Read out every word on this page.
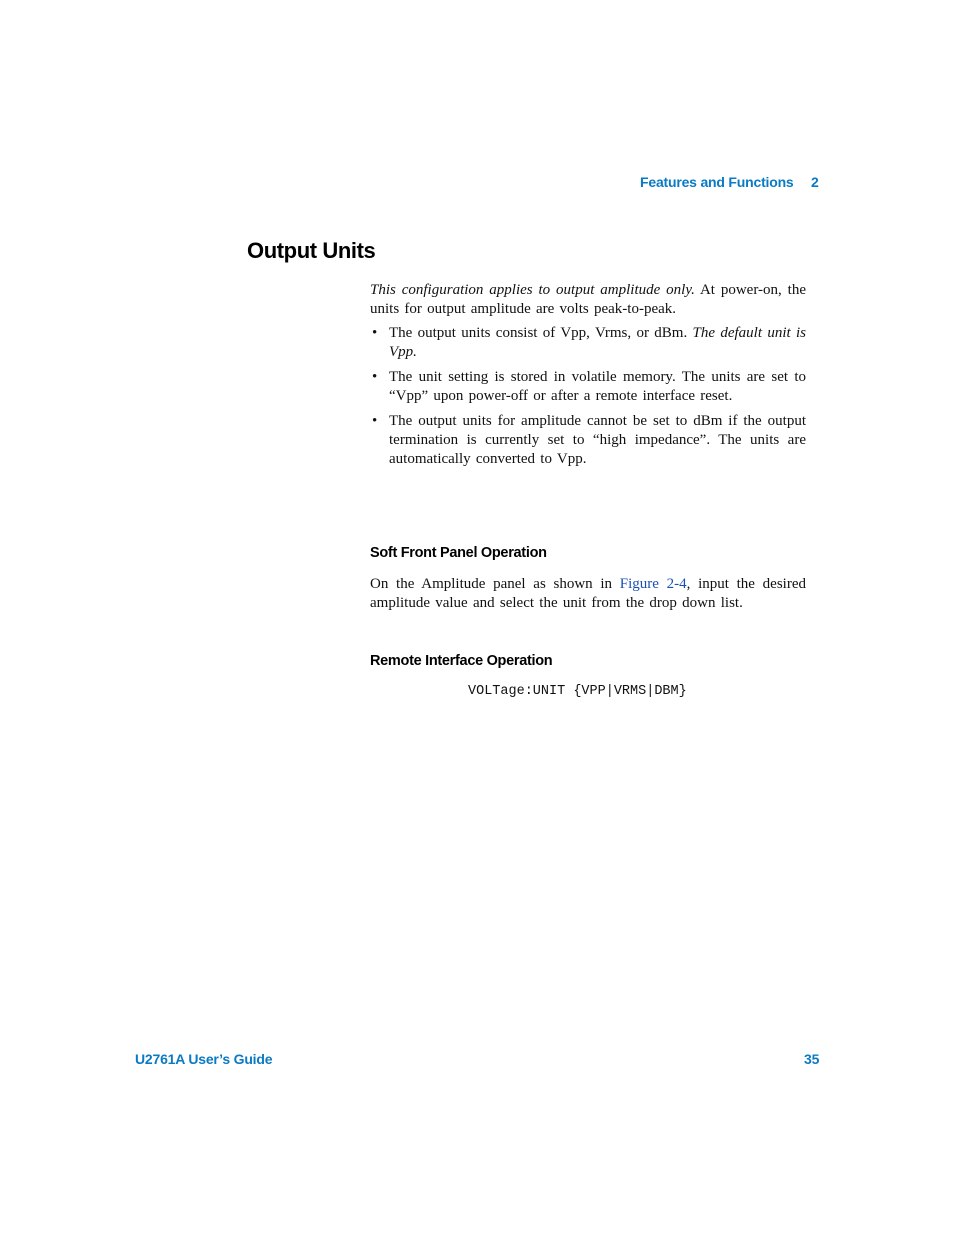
Features and Functions 2
Output Units

This configuration applies to output amplitude only. At power-on, the units for output amplitude are volts peak-to-peak.

• The output units consist of Vpp, Vrms, or dBm. The default unit is Vpp.
• The unit setting is stored in volatile memory. The units are set to “Vpp” upon power-off or after a remote interface reset.
• The output units for amplitude cannot be set to dBm if the output termination is currently set to “high impedance”. The units are automatically converted to Vpp.
Soft Front Panel Operation

On the Amplitude panel as shown in Figure 2-4, input the desired amplitude value and select the unit from the drop down list.

Remote Interface Operation
VOLTage:UNIT {VPP|VRMS|DBM}
U2761A User’s Guide	35
